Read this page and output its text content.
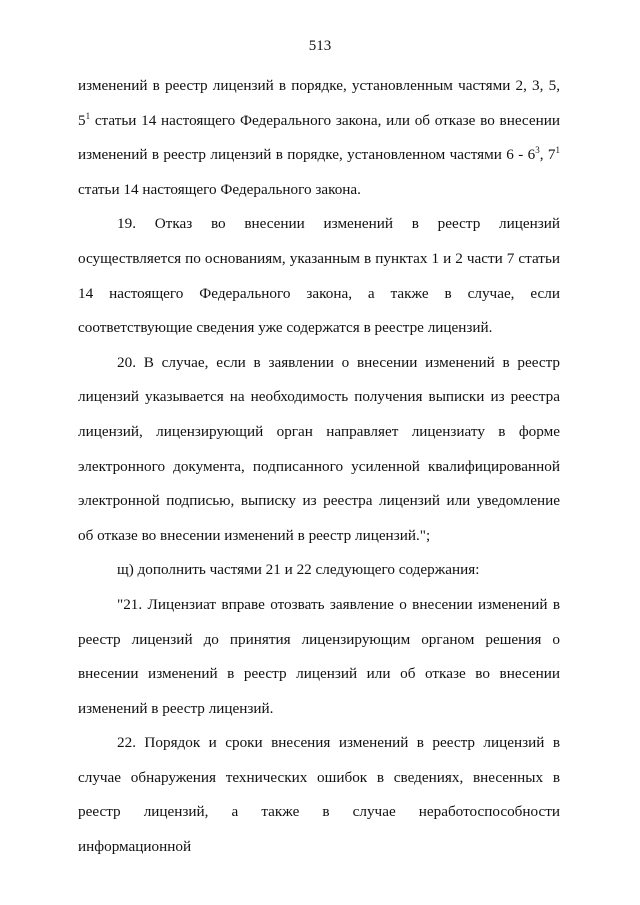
513

изменений в реестр лицензий в порядке, установленным частями 2, 3, 5, $5^1$ статьи 14 настоящего Федерального закона, или об отказе во внесении изменений в реестр лицензий в порядке, установленном частями $6 - 6^3$, $7^1$ статьи 14 настоящего Федерального закона.

19. Отказ во внесении изменений в реестр лицензий осуществляется по основаниям, указанным в пунктах 1 и 2 части 7 статьи 14 настоящего Федерального закона, а также в случае, если соответствующие сведения уже содержатся в реестре лицензий.

20. В случае, если в заявлении о внесении изменений в реестр лицензий указывается на необходимость получения выписки из реестра лицензий, лицензирующий орган направляет лицензиату в форме электронного документа, подписанного усиленной квалифицированной электронной подписью, выписку из реестра лицензий или уведомление об отказе во внесении изменений в реестр лицензий.";

щ) дополнить частями 21 и 22 следующего содержания:

"21. Лицензиат вправе отозвать заявление о внесении изменений в реестр лицензий до принятия лицензирующим органом решения о внесении изменений в реестр лицензий или об отказе во внесении изменений в реестр лицензий.

22. Порядок и сроки внесения изменений в реестр лицензий в случае обнаружения технических ошибок в сведениях, внесенных в реестр лицензий, а также в случае неработоспособности информационной
